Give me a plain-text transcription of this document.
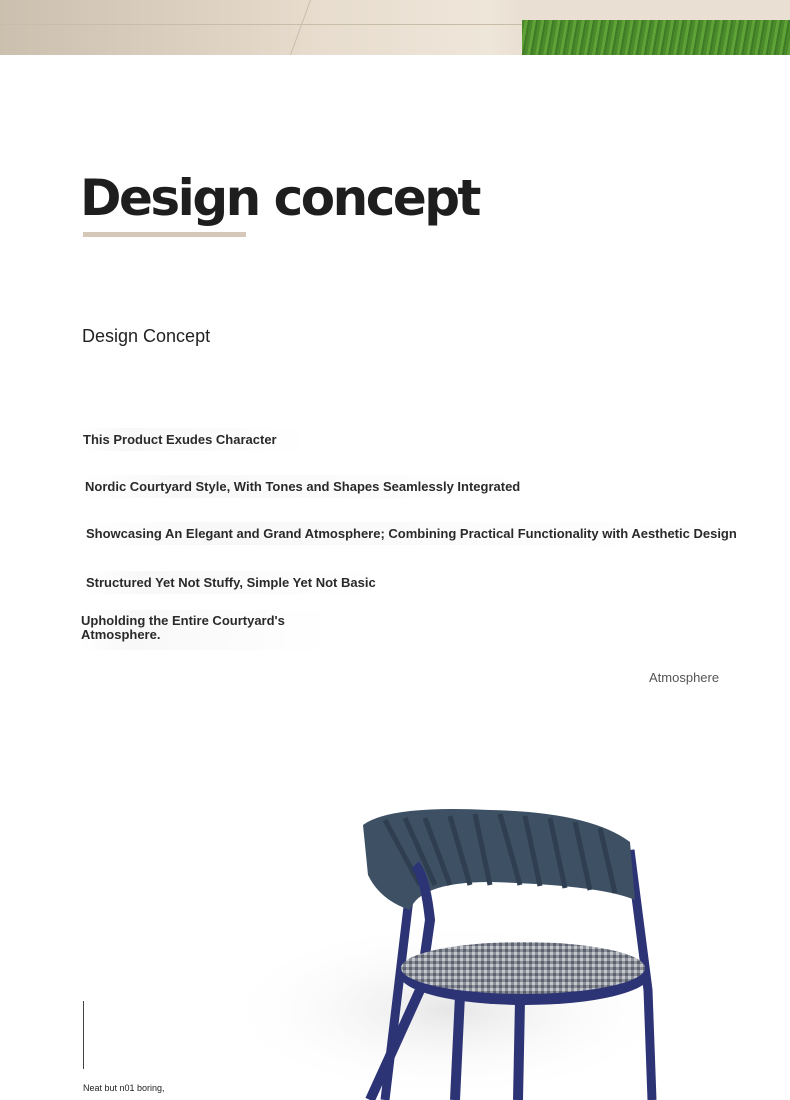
Design concept
Design Concept
This Product Exudes Character
Nordic Courtyard Style, With Tones and Shapes Seamlessly Integrated
Showcasing An Elegant and Grand Atmosphere; Combining Practical Functionality with Aesthetic Design
Structured Yet Not Stuffy, Simple Yet Not Basic
Upholding the Entire Courtyard's Atmosphere.
Atmosphere
Neat but n01 boring,
